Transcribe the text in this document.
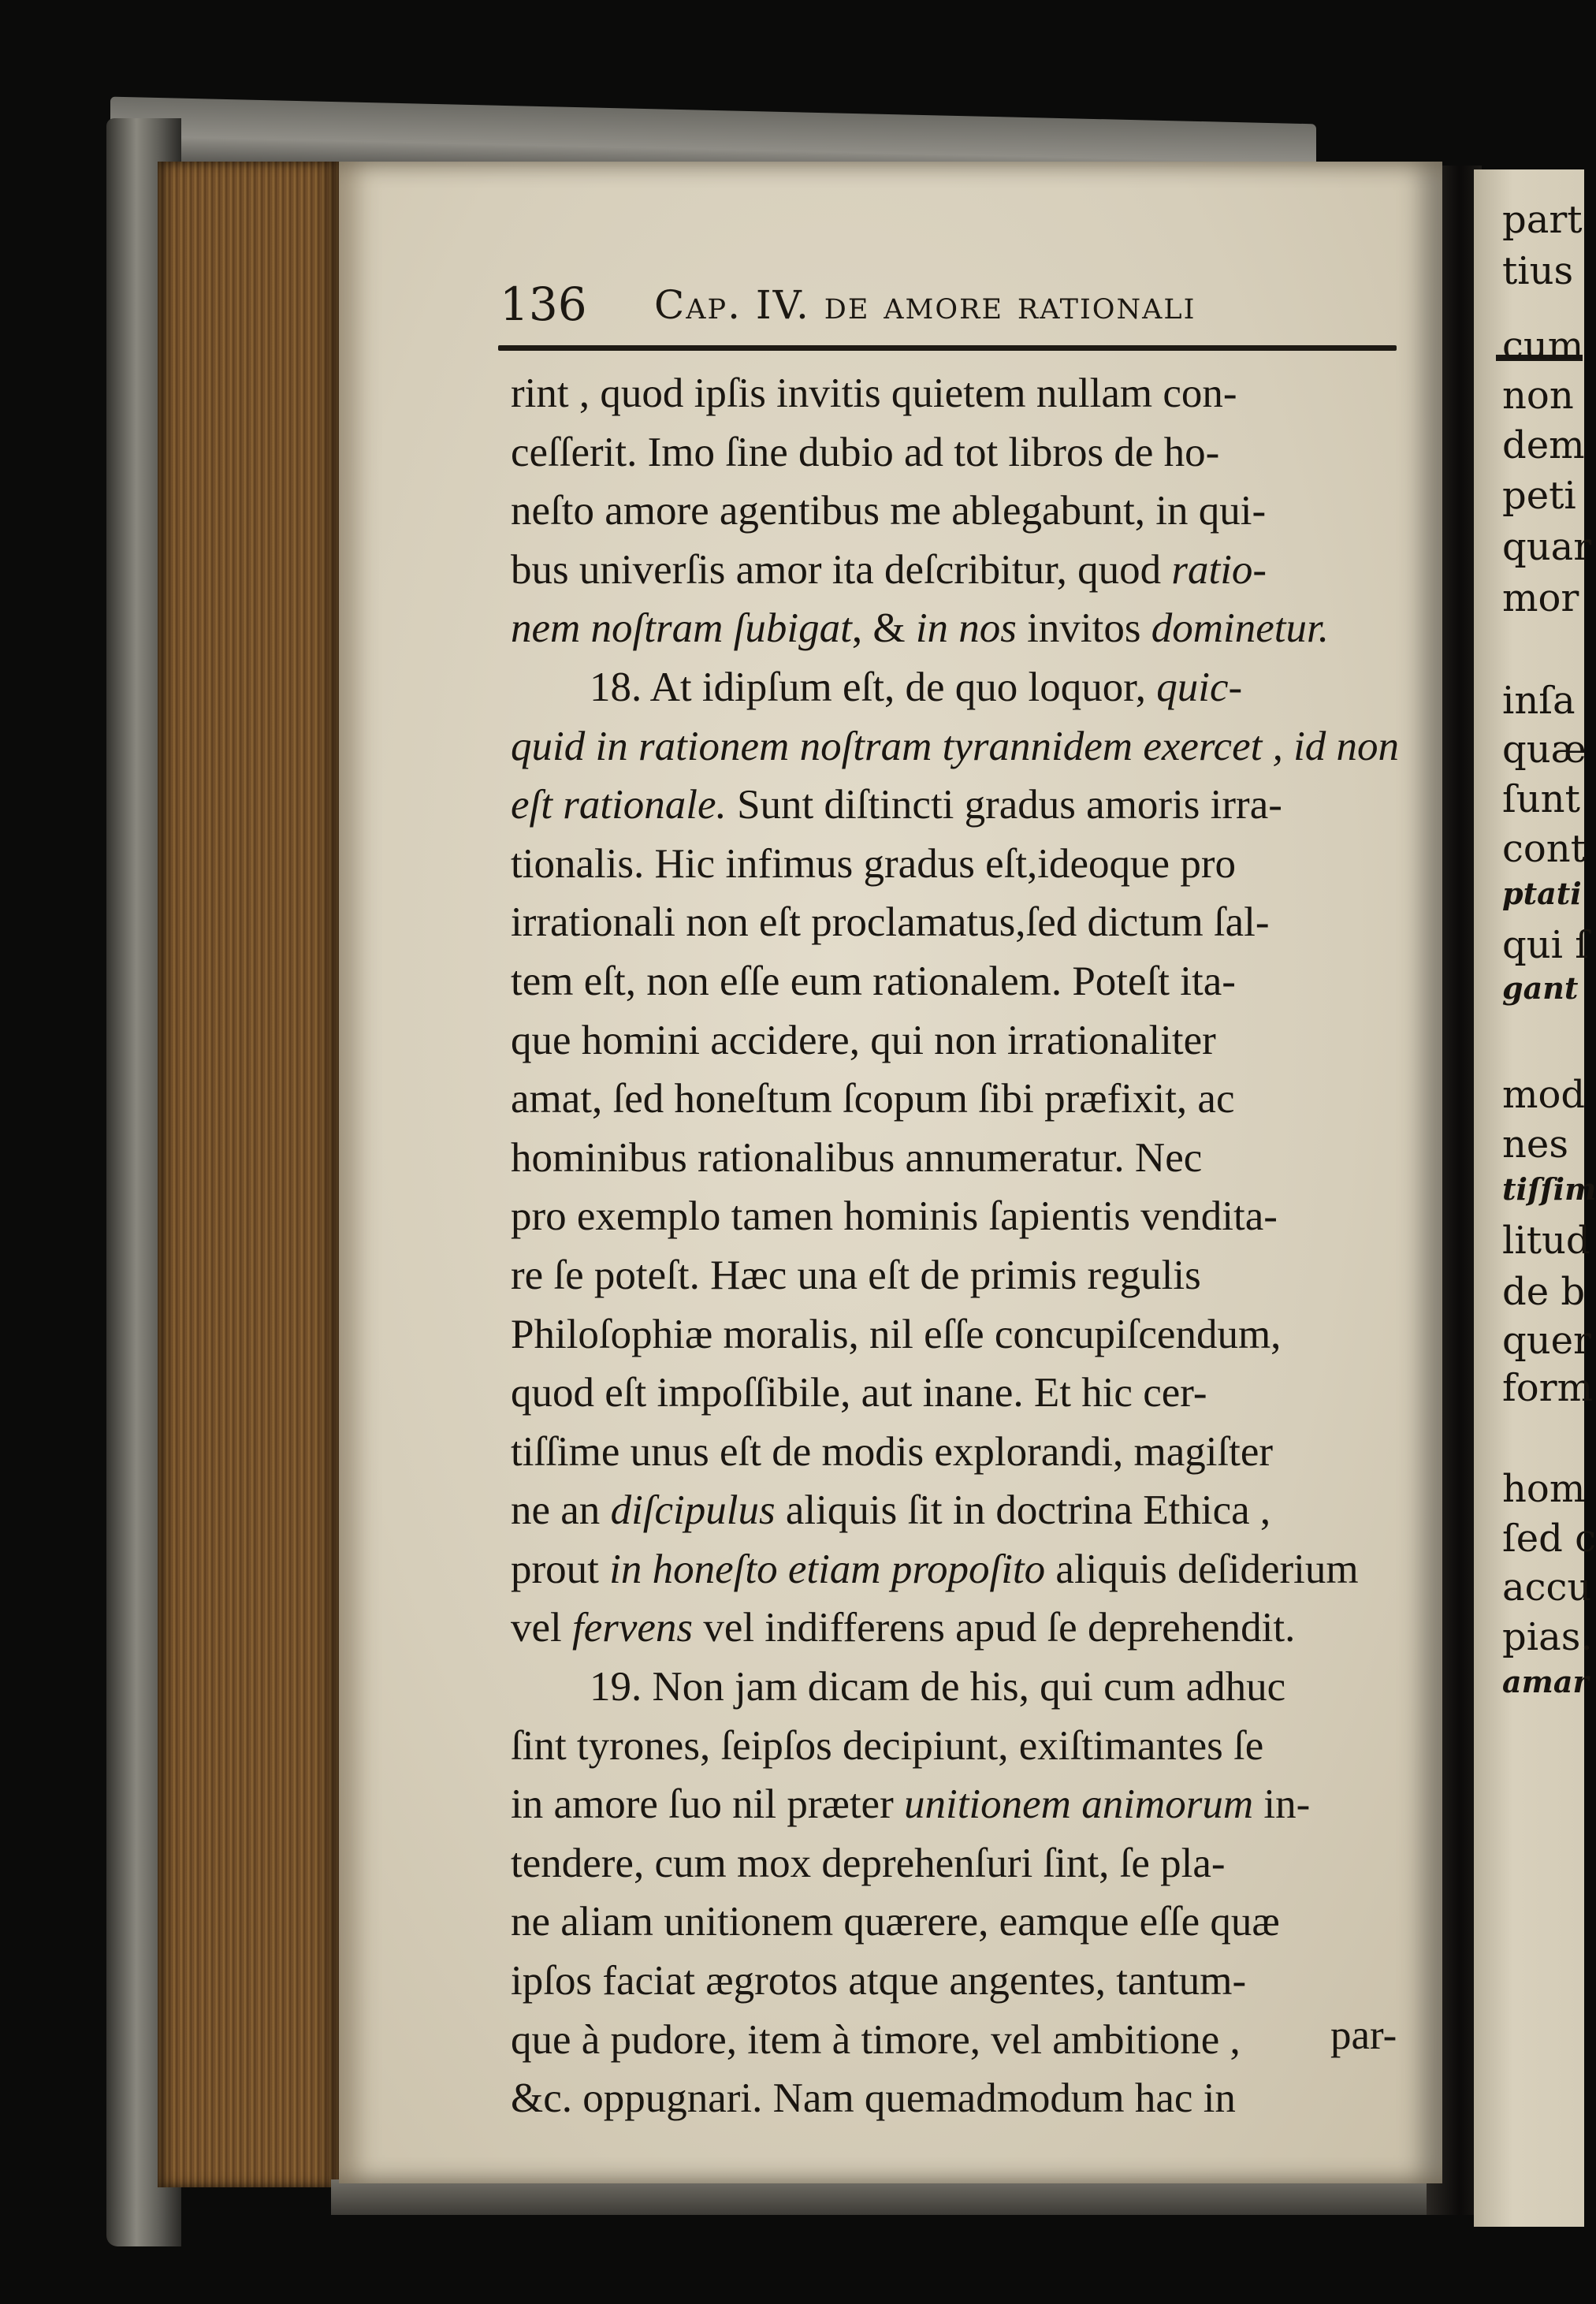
part
tius
cum
non
dem
peti
quar
mor
inſa
quæ
ſunt
cont
ptati
qui ſ
gant
mod
nes
tiſſim
litud
de b
quer
form
hom
ſed c
accu
pias.
amar
136 Cap. IV. de amore rationali
rint , quod ipſis invitis quietem nullam con-
ceſſerit. Imo ſine dubio ad tot libros de ho-
neſto amore agentibus me ablegabunt, in qui-
bus univerſis amor ita deſcribitur, quod ratio-
nem noſtram ſubigat, & in nos invitos dominetur.
18. At idipſum eſt, de quo loquor, quic-
quid in rationem noſtram tyrannidem exercet , id non
eſt rationale. Sunt diſtincti gradus amoris irra-
tionalis. Hic infimus gradus eſt,ideoque pro
irrationali non eſt proclamatus,ſed dictum ſal-
tem eſt, non eſſe eum rationalem. Poteſt ita-
que homini accidere, qui non irrationaliter
amat, ſed honeſtum ſcopum ſibi præfixit, ac
hominibus rationalibus annumeratur. Nec
pro exemplo tamen hominis ſapientis vendita-
re ſe poteſt. Hæc una eſt de primis regulis
Philoſophiæ moralis, nil eſſe concupiſcendum,
quod eſt impoſſibile, aut inane. Et hic cer-
tiſſime unus eſt de modis explorandi, magiſter
ne an diſcipulus aliquis ſit in doctrina Ethica ,
prout in honeſto etiam propoſito aliquis deſiderium
vel fervens vel indifferens apud ſe deprehendit.
19. Non jam dicam de his, qui cum adhuc
ſint tyrones, ſeipſos decipiunt, exiſtimantes ſe
in amore ſuo nil præter unitionem animorum in-
tendere, cum mox deprehenſuri ſint, ſe pla-
ne aliam unitionem quærere, eamque eſſe quæ
ipſos faciat ægrotos atque angentes, tantum-
que à pudore, item à timore, vel ambitione ,
&c. oppugnari. Nam quemadmodum hac in
par-
